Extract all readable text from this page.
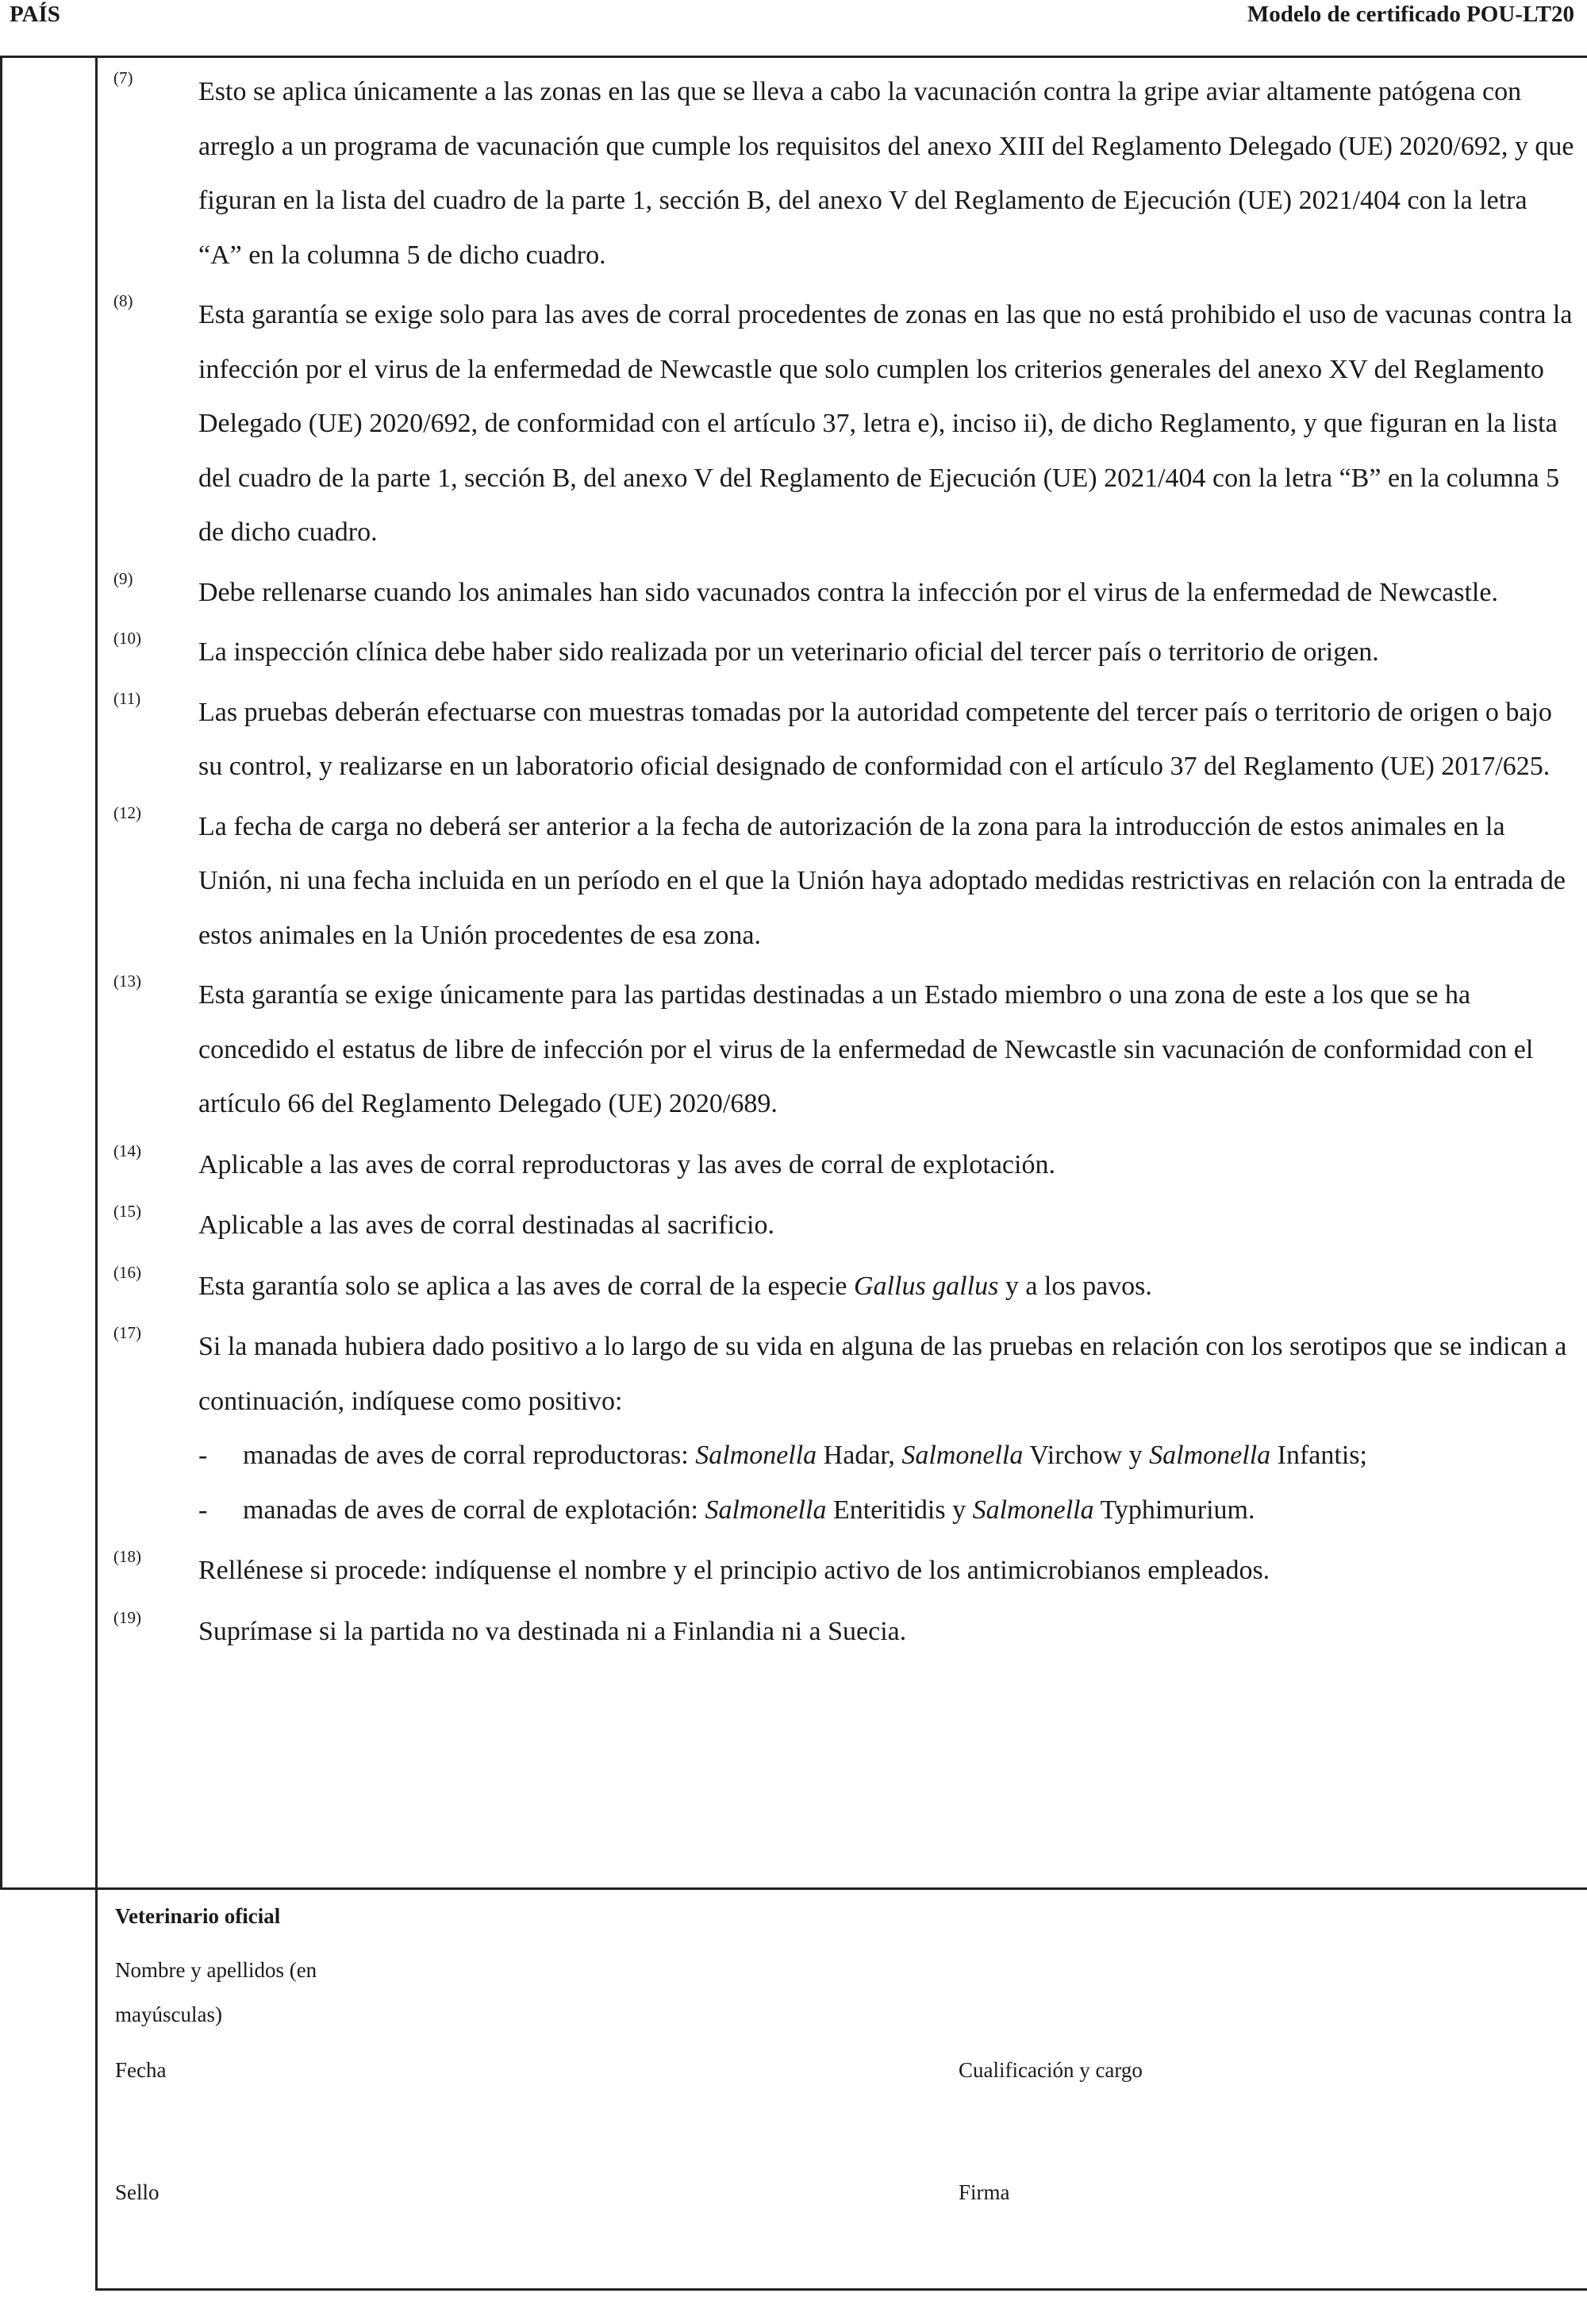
PAÍS	Modelo de certificado POU-LT20
(7) Esto se aplica únicamente a las zonas en las que se lleva a cabo la vacunación contra la gripe aviar altamente patógena con arreglo a un programa de vacunación que cumple los requisitos del anexo XIII del Reglamento Delegado (UE) 2020/692, y que figuran en la lista del cuadro de la parte 1, sección B, del anexo V del Reglamento de Ejecución (UE) 2021/404 con la letra “A” en la columna 5 de dicho cuadro.
(8) Esta garantía se exige solo para las aves de corral procedentes de zonas en las que no está prohibido el uso de vacunas contra la infección por el virus de la enfermedad de Newcastle que solo cumplen los criterios generales del anexo XV del Reglamento Delegado (UE) 2020/692, de conformidad con el artículo 37, letra e), inciso ii), de dicho Reglamento, y que figuran en la lista del cuadro de la parte 1, sección B, del anexo V del Reglamento de Ejecución (UE) 2021/404 con la letra “B” en la columna 5 de dicho cuadro.
(9) Debe rellenarse cuando los animales han sido vacunados contra la infección por el virus de la enfermedad de Newcastle.
(10) La inspección clínica debe haber sido realizada por un veterinario oficial del tercer país o territorio de origen.
(11) Las pruebas deberán efectuarse con muestras tomadas por la autoridad competente del tercer país o territorio de origen o bajo su control, y realizarse en un laboratorio oficial designado de conformidad con el artículo 37 del Reglamento (UE) 2017/625.
(12) La fecha de carga no deberá ser anterior a la fecha de autorización de la zona para la introducción de estos animales en la Unión, ni una fecha incluida en un período en el que la Unión haya adoptado medidas restrictivas en relación con la entrada de estos animales en la Unión procedentes de esa zona.
(13) Esta garantía se exige únicamente para las partidas destinadas a un Estado miembro o una zona de este a los que se ha concedido el estatus de libre de infección por el virus de la enfermedad de Newcastle sin vacunación de conformidad con el artículo 66 del Reglamento Delegado (UE) 2020/689.
(14) Aplicable a las aves de corral reproductoras y las aves de corral de explotación.
(15) Aplicable a las aves de corral destinadas al sacrificio.
(16) Esta garantía solo se aplica a las aves de corral de la especie Gallus gallus y a los pavos.
(17) Si la manada hubiera dado positivo a lo largo de su vida en alguna de las pruebas en relación con los serotipos que se indican a continuación, indíquese como positivo:
- manadas de aves de corral reproductoras: Salmonella Hadar, Salmonella Virchow y Salmonella Infantis;
- manadas de aves de corral de explotación: Salmonella Enteritidis y Salmonella Typhimurium.
(18) Rellénese si procede: indíquense el nombre y el principio activo de los antimicrobianos empleados.
(19) Suprímase si la partida no va destinada ni a Finlandia ni a Suecia.
Veterinario oficial
Nombre y apellidos (en
mayúsculas)
Fecha	Cualificación y cargo
Sello	Firma
